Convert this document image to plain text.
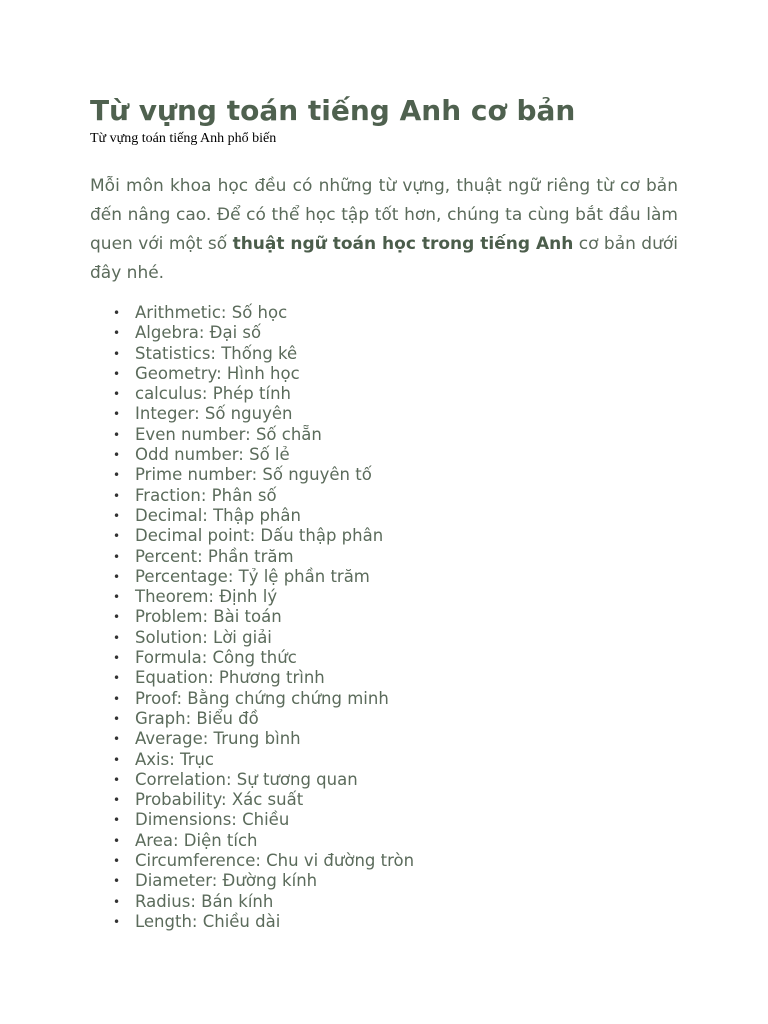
Từ vựng toán tiếng Anh cơ bản

Từ vựng toán tiếng Anh phổ biến

Mỗi môn khoa học đều có những từ vựng, thuật ngữ riêng từ cơ bản đến nâng cao. Để có thể học tập tốt hơn, chúng ta cùng bắt đầu làm quen với một số thuật ngữ toán học trong tiếng Anh cơ bản dưới đây nhé.

• Arithmetic: Số học
• Algebra: Đại số
• Statistics: Thống kê
• Geometry: Hình học
• calculus: Phép tính
• Integer: Số nguyên
• Even number: Số chẵn
• Odd number: Số lẻ
• Prime number: Số nguyên tố
• Fraction: Phân số
• Decimal: Thập phân
• Decimal point: Dấu thập phân
• Percent: Phần trăm
• Percentage: Tỷ lệ phần trăm
• Theorem: Định lý
• Problem: Bài toán
• Solution: Lời giải
• Formula: Công thức
• Equation: Phương trình
• Proof: Bằng chứng chứng minh
• Graph: Biểu đồ
• Average: Trung bình
• Axis: Trục
• Correlation: Sự tương quan
• Probability: Xác suất
• Dimensions: Chiều
• Area: Diện tích
• Circumference: Chu vi đường tròn
• Diameter: Đường kính
• Radius: Bán kính
• Length: Chiều dài
